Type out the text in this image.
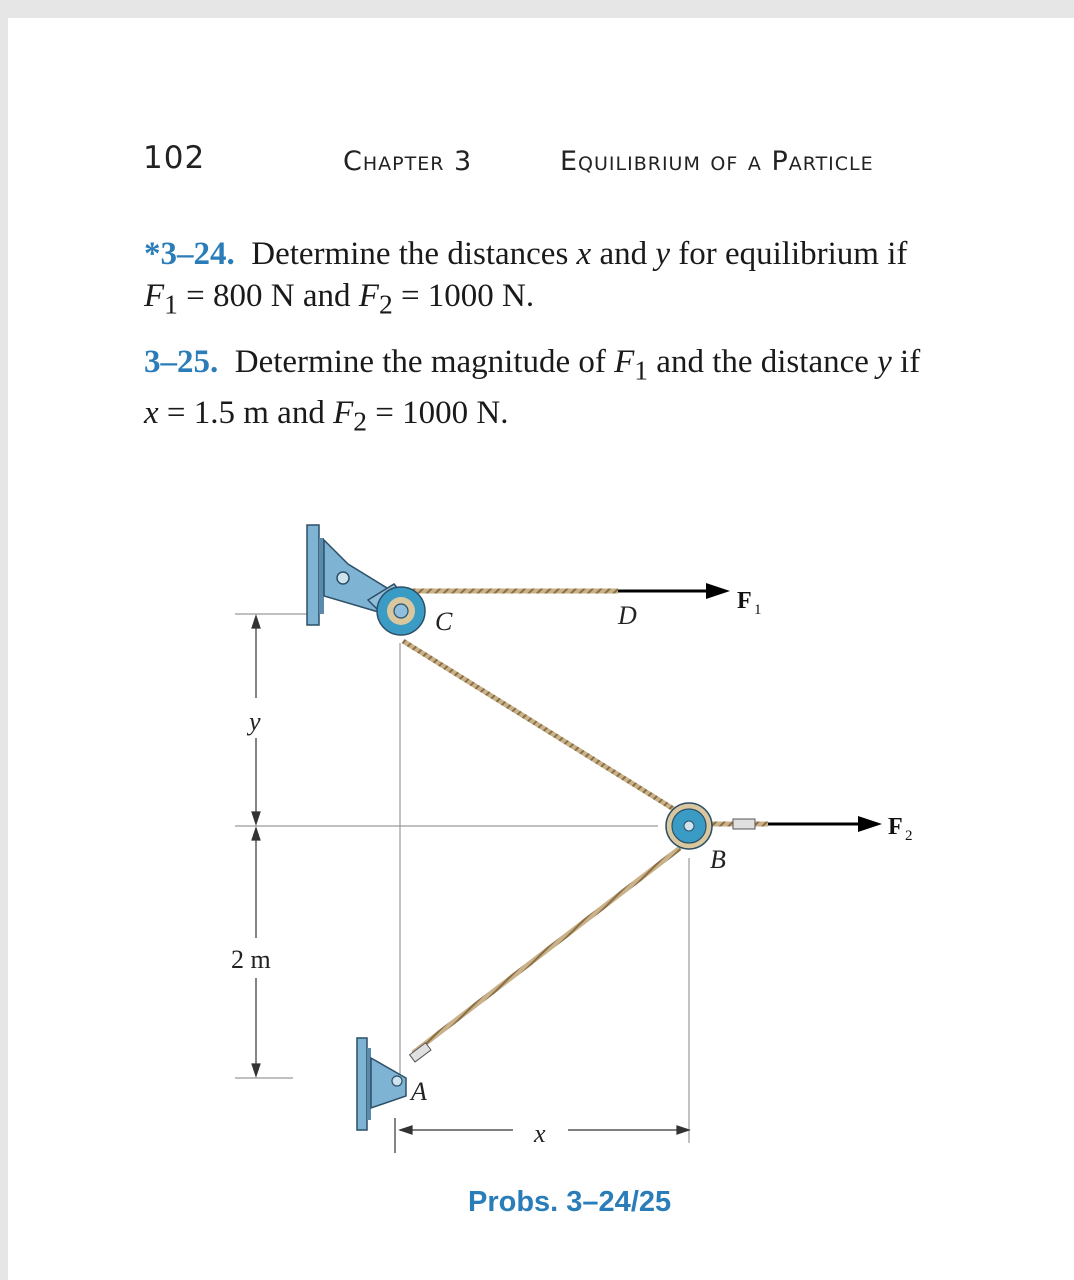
102	Chapter 3	Equilibrium of a Particle
*3–24. Determine the distances x and y for equilibrium if
$F_1 = 800$ N and $F_2 = 1000$ N.
3–25. Determine the magnitude of $F_1$ and the distance y if
x = 1.5 m and $F_2 = 1000$ N.
y
2 m
x
C	D
B
A
F 1
F 2
Probs. 3–24/25
